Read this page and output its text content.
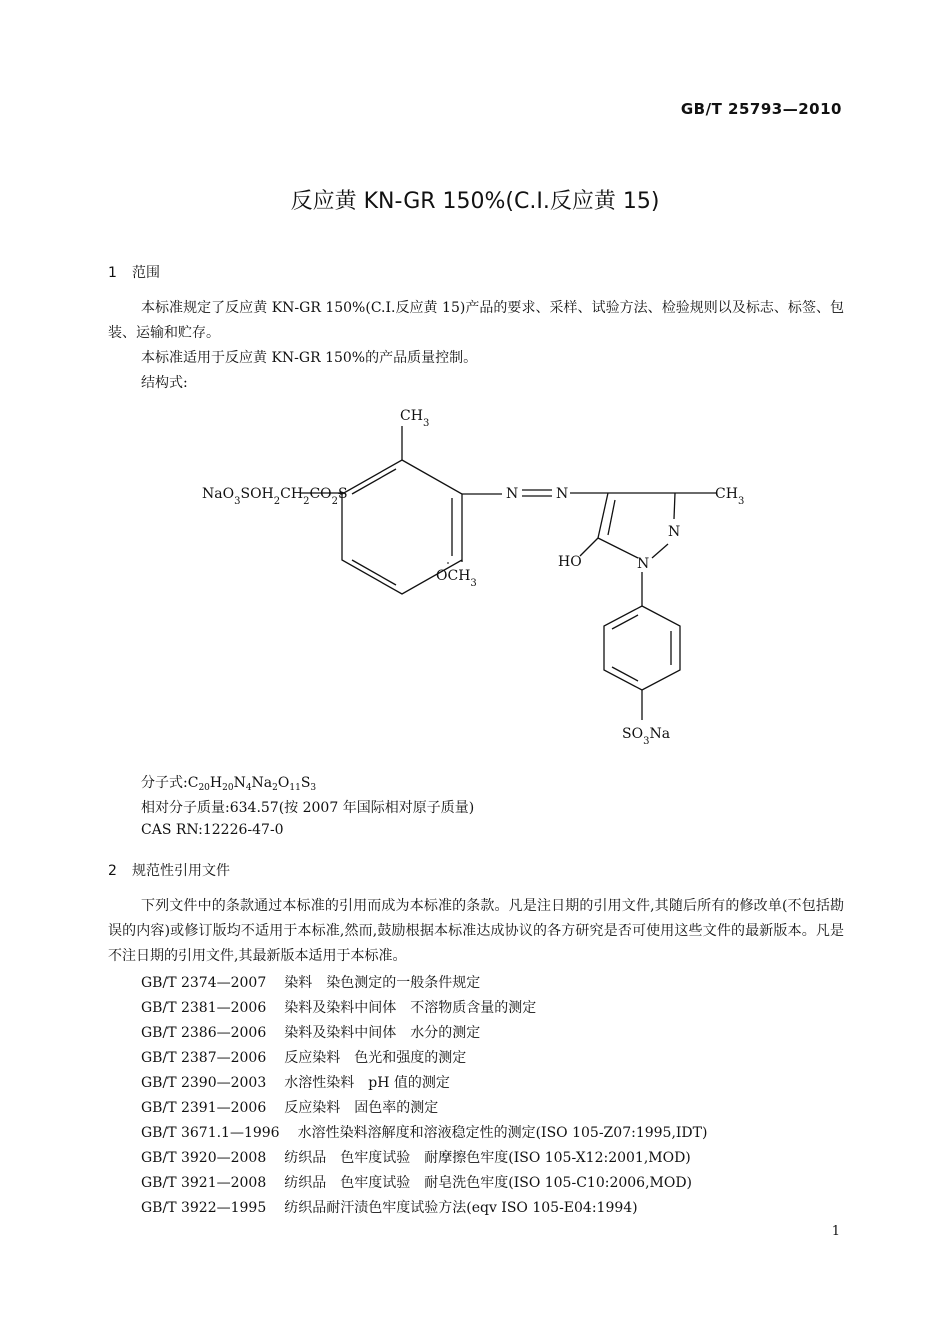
GB/T 25793—2010
反应黄 KN-GR 150%(C.I.反应黄 15)
1 范围
本标准规定了反应黄 KN-GR 150%(C.I.反应黄 15)产品的要求、采样、试验方法、检验规则以及标志、标签、包装、运输和贮存。
本标准适用于反应黄 KN-GR 150%的产品质量控制。
结构式:
$CH_3$
$NaO_3SOH_2CH_2CO_2S$	N	N	$CH_3$
N
N
$OCH_3$
HO
$SO_3Na$
分子式$:C_{20}H_{20}N_4Na_2O_{11}S_3$
相对分子质量:634.57(按 2007 年国际相对原子质量)
CAS RN:12226-47-0
2 规范性引用文件
下列文件中的条款通过本标准的引用而成为本标准的条款。凡是注日期的引用文件,其随后所有的修改单(不包括勘误的内容)或修订版均不适用于本标准,然而,鼓励根据本标准达成协议的各方研究是否可使用这些文件的最新版本。凡是不注日期的引用文件,其最新版本适用于本标准。
GB/T 2374—2007 染料　染色测定的一般条件规定
GB/T 2381—2006 染料及染料中间体　不溶物质含量的测定
GB/T 2386—2006 染料及染料中间体　水分的测定
GB/T 2387—2006 反应染料　色光和强度的测定
GB/T 2390—2003 水溶性染料　pH 值的测定
GB/T 2391—2006 反应染料　固色率的测定
GB/T 3671.1—1996 水溶性染料溶解度和溶液稳定性的测定(ISO 105-Z07:1995,IDT)
GB/T 3920—2008 纺织品　色牢度试验　耐摩擦色牢度(ISO 105-X12:2001,MOD)
GB/T 3921—2008 纺织品　色牢度试验　耐皂洗色牢度(ISO 105-C10:2006,MOD)
GB/T 3922—1995 纺织品耐汗渍色牢度试验方法(eqv ISO 105-E04:1994)
1
